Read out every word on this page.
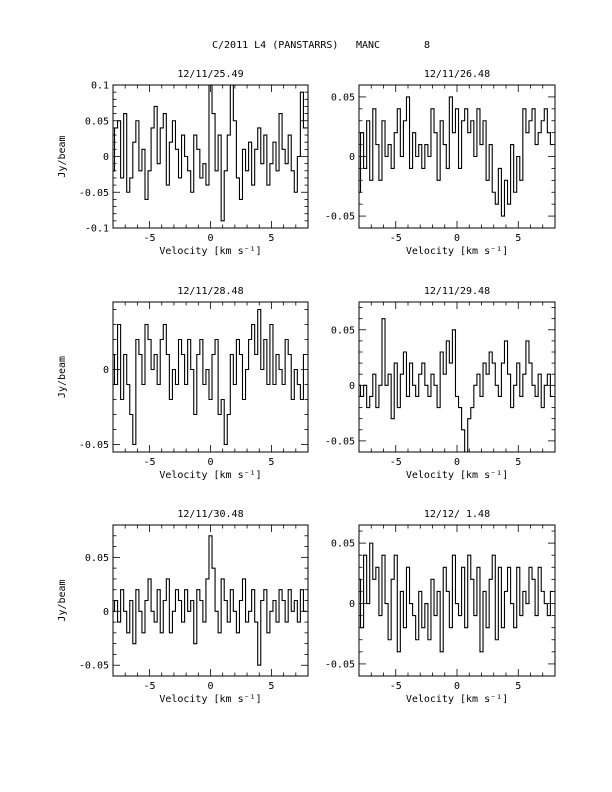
C/2011 L4 (PANSTARRS) MANC	8
12/11/25.49
-5	0	5
-0.1
-0.05
0
0.05
0.1
Velocity [km s⁻¹]
Jy/beam
12/11/26.48
-5	0	5
-0.05
0
0.05
Velocity [km s⁻¹]
12/11/28.48
-5	0	5
-0.05
0
Velocity [km s⁻¹]
Jy/beam
12/11/29.48
-5	0	5
-0.05
0
0.05
Velocity [km s⁻¹]
12/11/30.48
-5	0	5
-0.05
0
0.05
Velocity [km s⁻¹]
Jy/beam
12/12/ 1.48
-5	0	5
-0.05
0
0.05
Velocity [km s⁻¹]
